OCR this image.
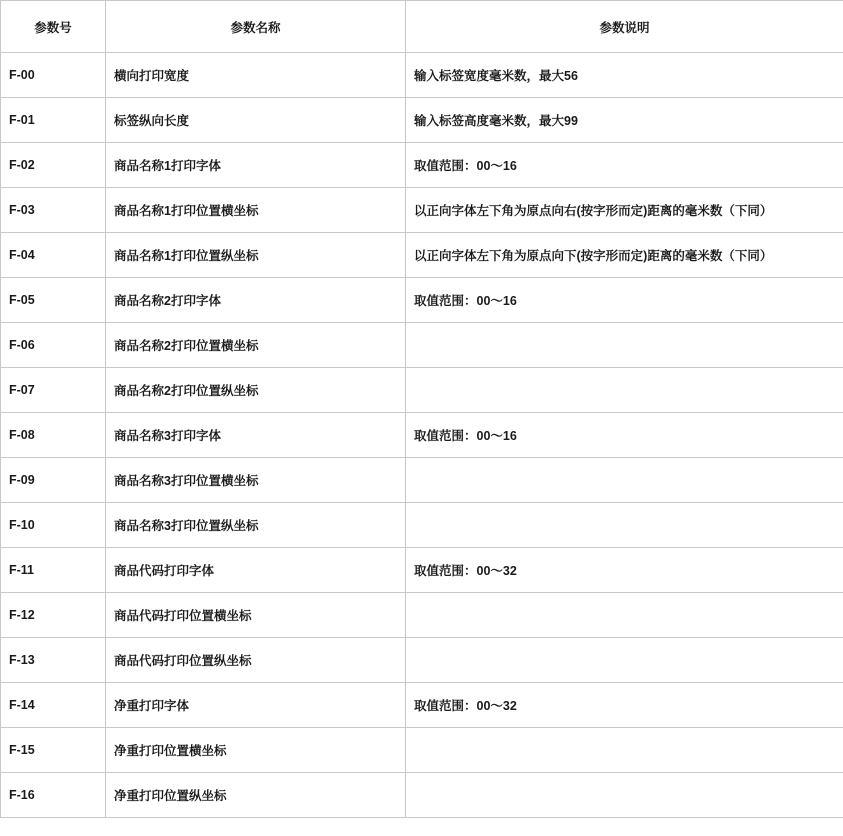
参数号	参数名称	参数说明
F-00	横向打印宽度	输入标签宽度毫米数，最大56
F-01	标签纵向长度	输入标签高度毫米数，最大99
F-02	商品名称1打印字体	取值范围：00～16
F-03	商品名称1打印位置横坐标	以正向字体左下角为原点向右(按字形而定)距离的毫米数（下同）
F-04	商品名称1打印位置纵坐标	以正向字体左下角为原点向下(按字形而定)距离的毫米数（下同）
F-05	商品名称2打印字体	取值范围：00～16
F-06	商品名称2打印位置横坐标	
F-07	商品名称2打印位置纵坐标	
F-08	商品名称3打印字体	取值范围：00～16
F-09	商品名称3打印位置横坐标	
F-10	商品名称3打印位置纵坐标	
F-11	商品代码打印字体	取值范围：00～32
F-12	商品代码打印位置横坐标	
F-13	商品代码打印位置纵坐标	
F-14	净重打印字体	取值范围：00～32
F-15	净重打印位置横坐标	
F-16	净重打印位置纵坐标	
